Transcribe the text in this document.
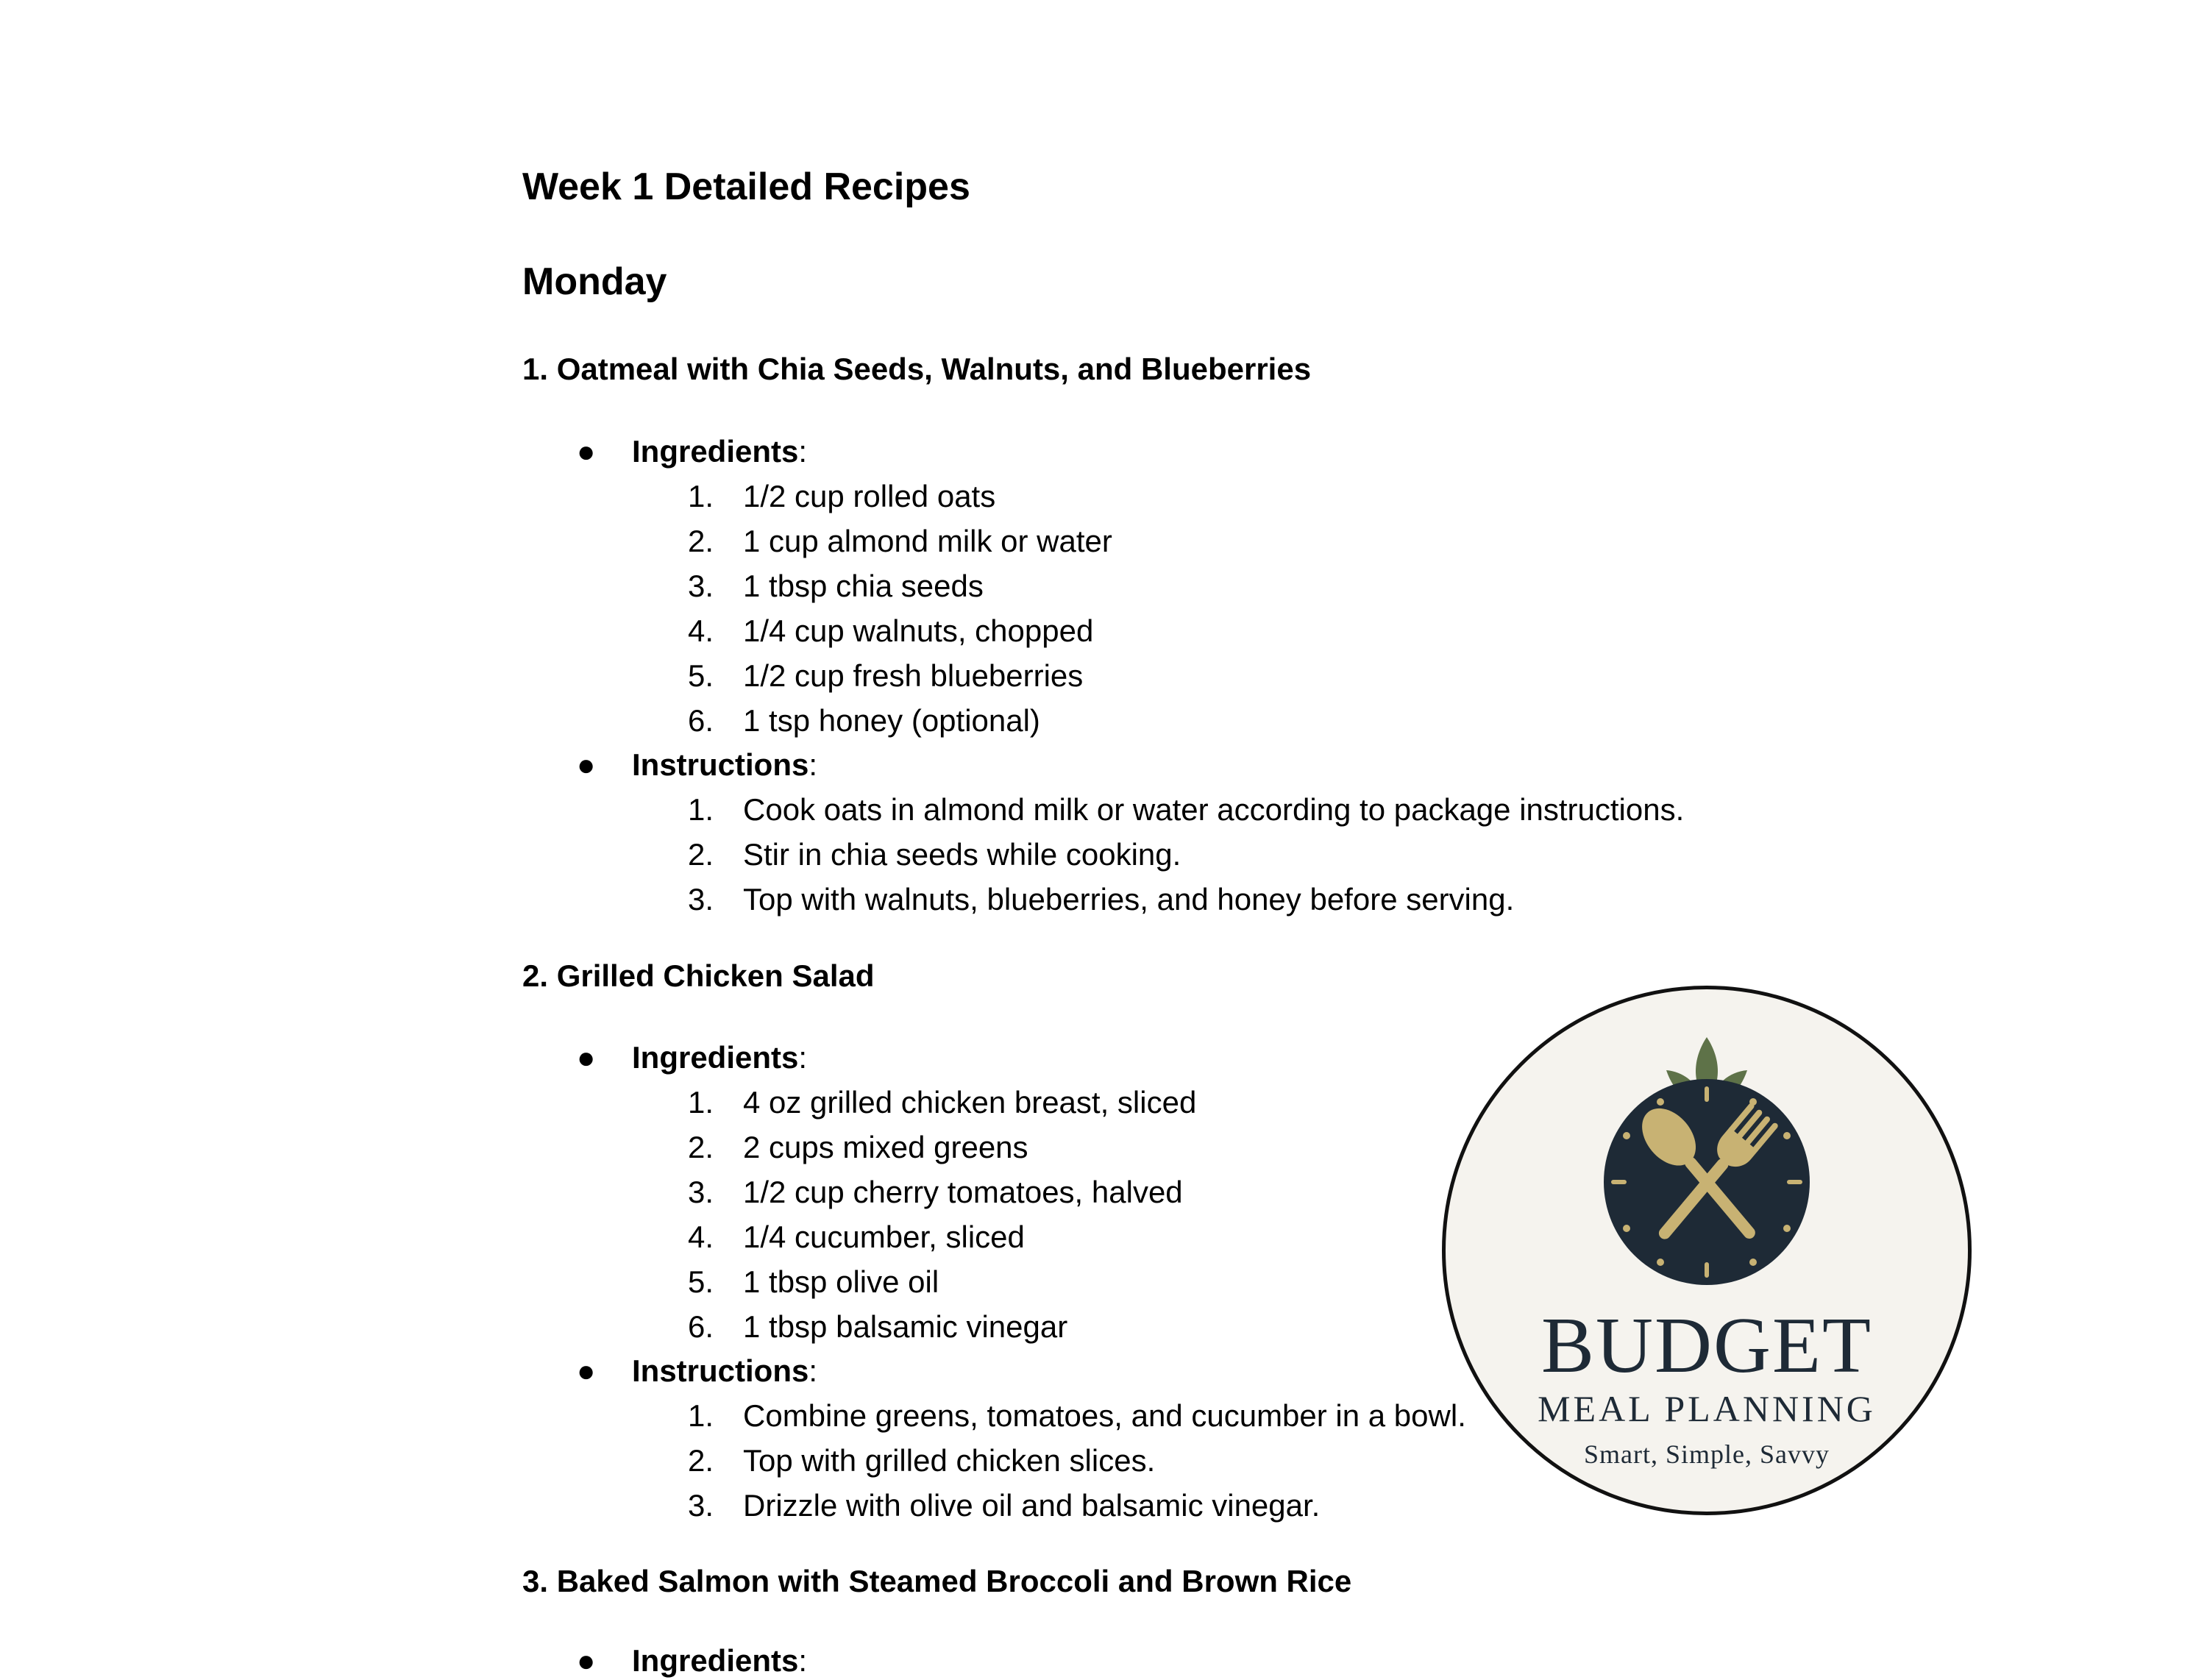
Week 1 Detailed Recipes
Monday
1. Oatmeal with Chia Seeds, Walnuts, and Blueberries
●	Ingredients:
1. 1/2 cup rolled oats
2. 1 cup almond milk or water
3. 1 tbsp chia seeds
4. 1/4 cup walnuts, chopped
5. 1/2 cup fresh blueberries
6. 1 tsp honey (optional)
●	Instructions:
1. Cook oats in almond milk or water according to package instructions.
2. Stir in chia seeds while cooking.
3. Top with walnuts, blueberries, and honey before serving.
2. Grilled Chicken Salad
●	Ingredients:
1. 4 oz grilled chicken breast, sliced
2. 2 cups mixed greens
3. 1/2 cup cherry tomatoes, halved
4. 1/4 cucumber, sliced
5. 1 tbsp olive oil
6. 1 tbsp balsamic vinegar
●	Instructions:
1. Combine greens, tomatoes, and cucumber in a bowl.
2. Top with grilled chicken slices.
3. Drizzle with olive oil and balsamic vinegar.
3. Baked Salmon with Steamed Broccoli and Brown Rice
●	Ingredients:
BUDGET
MEAL PLANNING
Smart, Simple, Savvy
